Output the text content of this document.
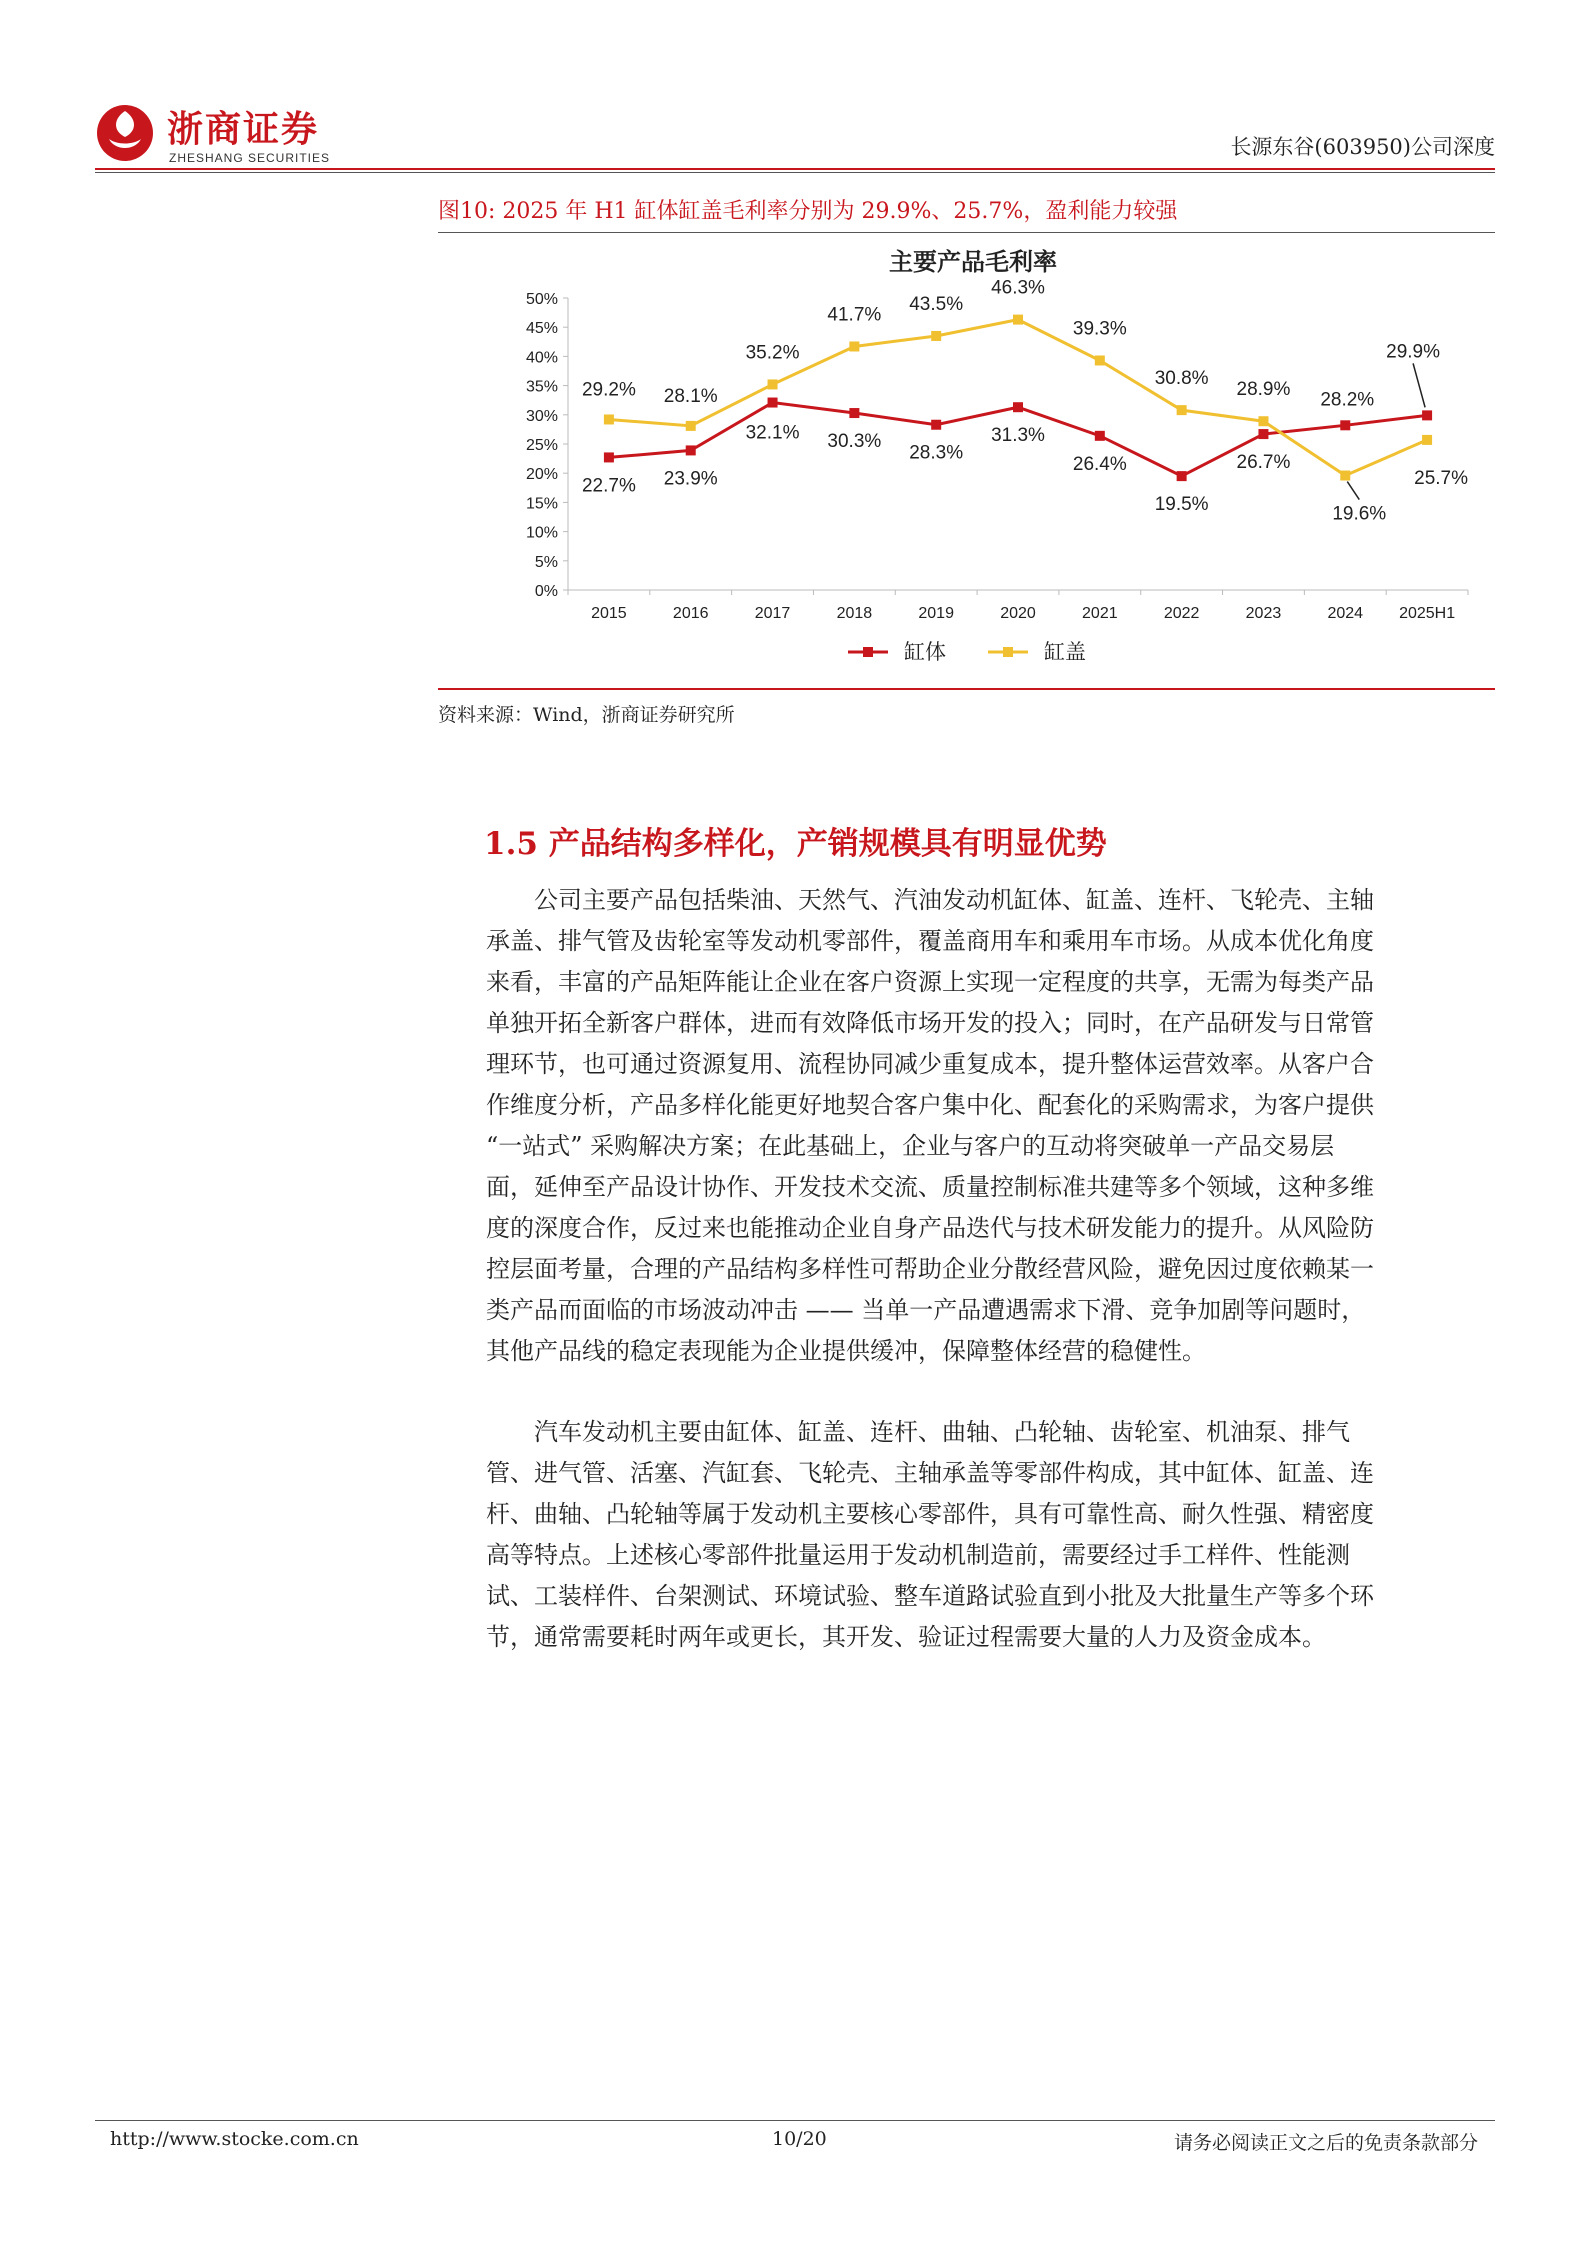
浙商证券
ZHESHANG SECURITIES	长源东谷(603950)公司深度
图10: 2025 年 H1 缸体缸盖毛利率分别为 29.9%、25.7%，盈利能力较强
主要产品毛利率
0%
5%
10%
15%
20%
25%
30%
35%
40%
45%
50%
2015	2016	2017	2018	2019	2020	2021	2022	2023	2024 2025H1
22.7% 23.9%
32.1% 30.3%
28.3%
31.3%
26.4%
19.5%
26.7%
28.2%
29.9%
29.2% 28.1%
35.2%
41.7%
43.5%
46.3%
39.3%
30.8%
28.9%
19.6%
25.7%
缸体	缸盖
资料来源：Wind，浙商证券研究所
1.5 产品结构多样化，产销规模具有明显优势
公司主要产品包括柴油、天然气、汽油发动机缸体、缸盖、连杆、飞轮壳、主轴
承盖、排气管及齿轮室等发动机零部件，覆盖商用车和乘用车市场。从成本优化角度
来看，丰富的产品矩阵能让企业在客户资源上实现一定程度的共享，无需为每类产品
单独开拓全新客户群体，进而有效降低市场开发的投入；同时，在产品研发与日常管
理环节，也可通过资源复用、流程协同减少重复成本，提升整体运营效率。从客户合
作维度分析，产品多样化能更好地契合客户集中化、配套化的采购需求，为客户提供
“一站式” 采购解决方案；在此基础上，企业与客户的互动将突破单一产品交易层
面，延伸至产品设计协作、开发技术交流、质量控制标准共建等多个领域，这种多维
度的深度合作，反过来也能推动企业自身产品迭代与技术研发能力的提升。从风险防
控层面考量，合理的产品结构多样性可帮助企业分散经营风险，避免因过度依赖某一
类产品而面临的市场波动冲击 —— 当单一产品遭遇需求下滑、竞争加剧等问题时，
其他产品线的稳定表现能为企业提供缓冲，保障整体经营的稳健性。
汽车发动机主要由缸体、缸盖、连杆、曲轴、凸轮轴、齿轮室、机油泵、排气
管、进气管、活塞、汽缸套、飞轮壳、主轴承盖等零部件构成，其中缸体、缸盖、连
杆、曲轴、凸轮轴等属于发动机主要核心零部件，具有可靠性高、耐久性强、精密度
高等特点。上述核心零部件批量运用于发动机制造前，需要经过手工样件、性能测
试、工装样件、台架测试、环境试验、整车道路试验直到小批及大批量生产等多个环
节，通常需要耗时两年或更长，其开发、验证过程需要大量的人力及资金成本。
http://www.stocke.com.cn	10/20	请务必阅读正文之后的免责条款部分
